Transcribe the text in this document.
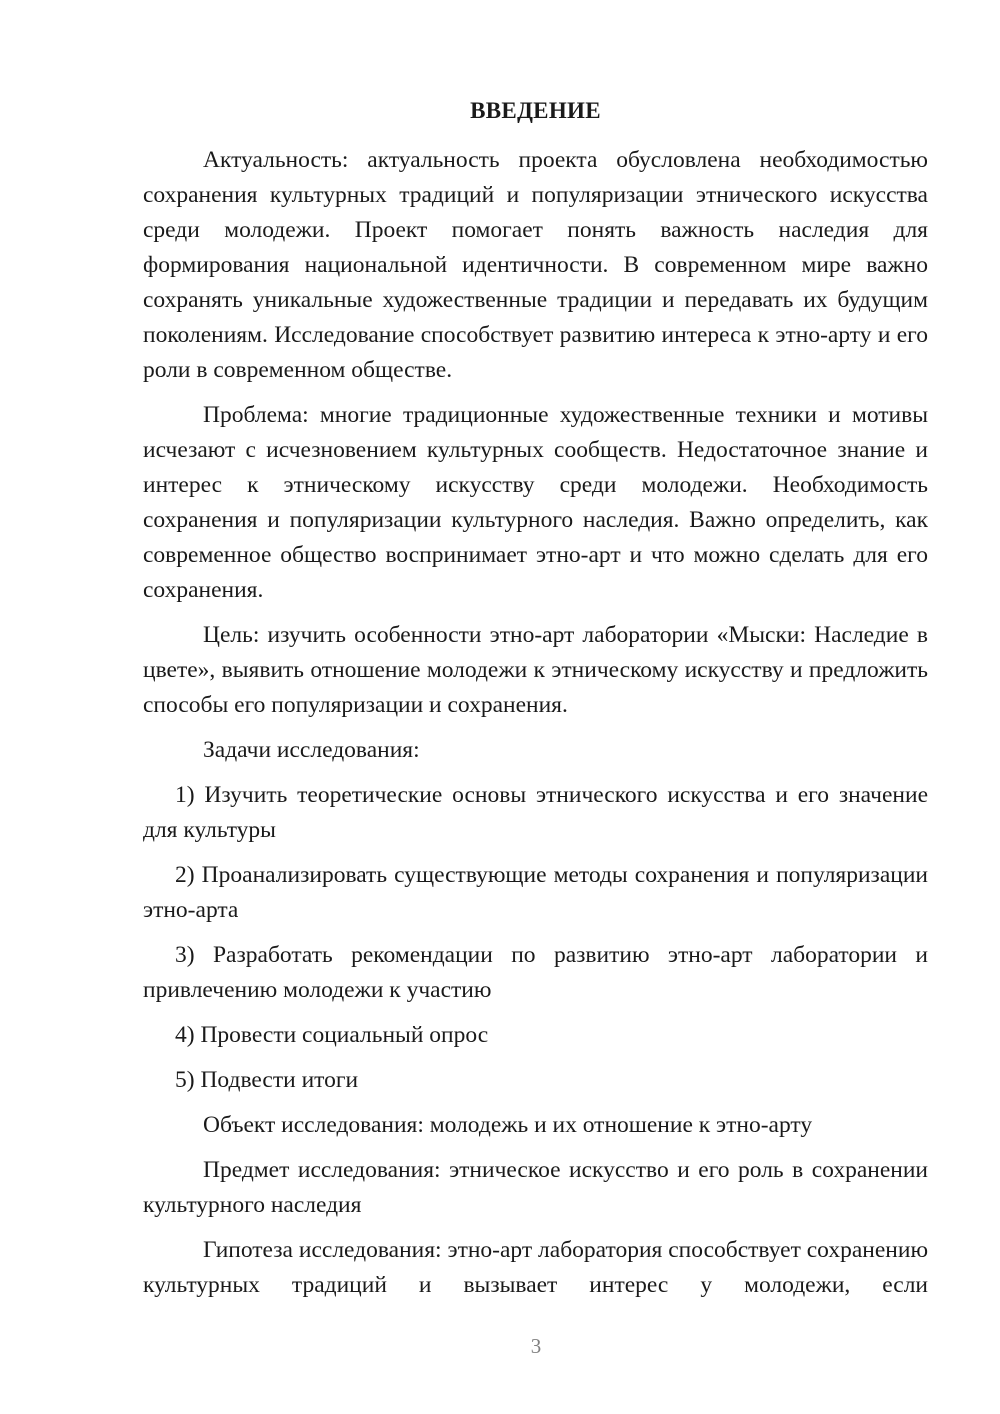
ВВЕДЕНИЕ

Актуальность: актуальность проекта обусловлена необходимостью сохранения культурных традиций и популяризации этнического искусства среди молодежи. Проект помогает понять важность наследия для формирования национальной идентичности. В современном мире важно сохранять уникальные художественные традиции и передавать их будущим поколениям. Исследование способствует развитию интереса к этно-арту и его роли в современном обществе.

Проблема: многие традиционные художественные техники и мотивы исчезают с исчезновением культурных сообществ. Недостаточное знание и интерес к этническому искусству среди молодежи. Необходимость сохранения и популяризации культурного наследия. Важно определить, как современное общество воспринимает этно-арт и что можно сделать для его сохранения.

Цель: изучить особенности этно-арт лаборатории «Мыски: Наследие в цвете», выявить отношение молодежи к этническому искусству и предложить способы его популяризации и сохранения.

Задачи исследования:

1) Изучить теоретические основы этнического искусства и его значение для культуры

2) Проанализировать существующие методы сохранения и популяризации этно-арта

3) Разработать рекомендации по развитию этно-арт лаборатории и привлечению молодежи к участию

4) Провести социальный опрос

5) Подвести итоги

Объект исследования: молодежь и их отношение к этно-арту

Предмет исследования: этническое искусство и его роль в сохранении культурного наследия

Гипотеза исследования: этно-арт лаборатория способствует сохранению культурных традиций и вызывает интерес у молодежи, если

3
